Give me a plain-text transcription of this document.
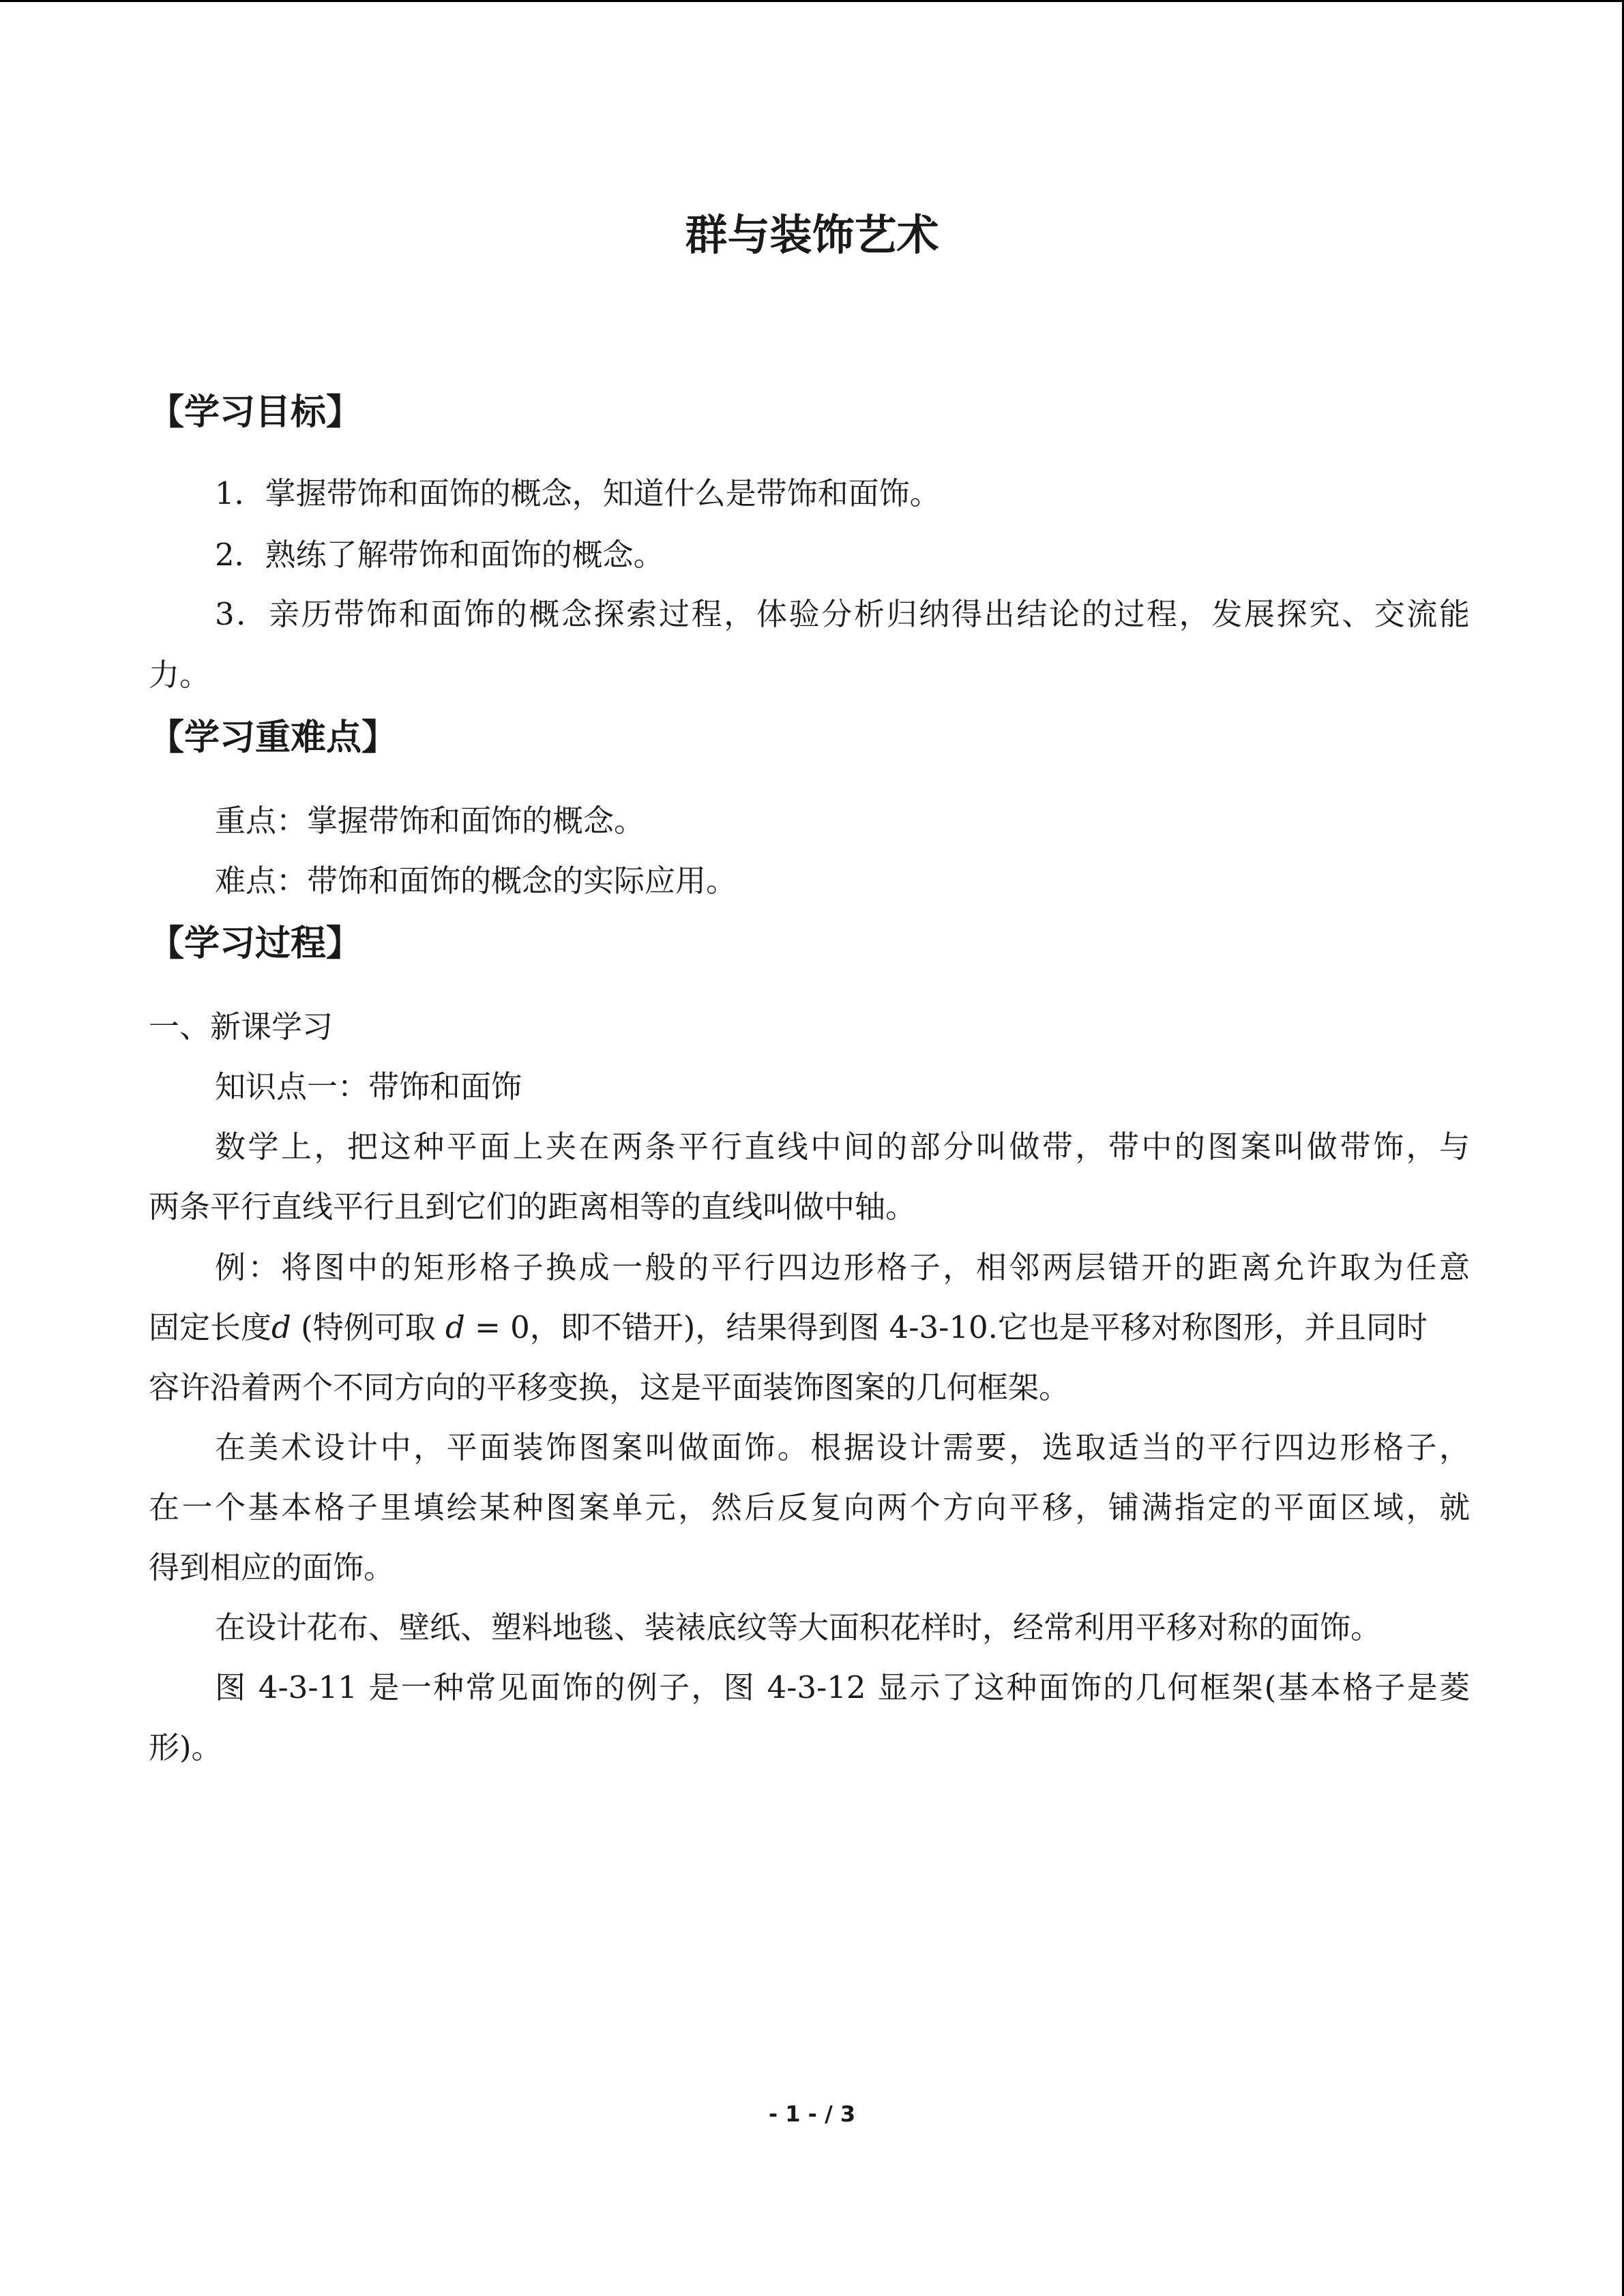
群与装饰艺术
【学习目标】

1．掌握带饰和面饰的概念，知道什么是带饰和面饰。

2．熟练了解带饰和面饰的概念。

3．亲历带饰和面饰的概念探索过程，体验分析归纳得出结论的过程，发展探究、交流能

力。

【学习重难点】

重点：掌握带饰和面饰的概念。

难点：带饰和面饰的概念的实际应用。

【学习过程】

一、新课学习

知识点一：带饰和面饰

数学上，把这种平面上夹在两条平行直线中间的部分叫做带，带中的图案叫做带饰，与

两条平行直线平行且到它们的距离相等的直线叫做中轴。

例：将图中的矩形格子换成一般的平行四边形格子，相邻两层错开的距离允许取为任意

固定长度d (特例可取 d = 0，即不错开)，结果得到图 4-3-10.它也是平移对称图形，并且同时

容许沿着两个不同方向的平移变换，这是平面装饰图案的几何框架。

在美术设计中，平面装饰图案叫做面饰。根据设计需要，选取适当的平行四边形格子，

在一个基本格子里填绘某种图案单元，然后反复向两个方向平移，铺满指定的平面区域，就

得到相应的面饰。

在设计花布、壁纸、塑料地毯、装裱底纹等大面积花样时，经常利用平移对称的面饰。

图 4-3-11 是一种常见面饰的例子，图 4-3-12 显示了这种面饰的几何框架(基本格子是菱

形)。

- 1 - / 3
